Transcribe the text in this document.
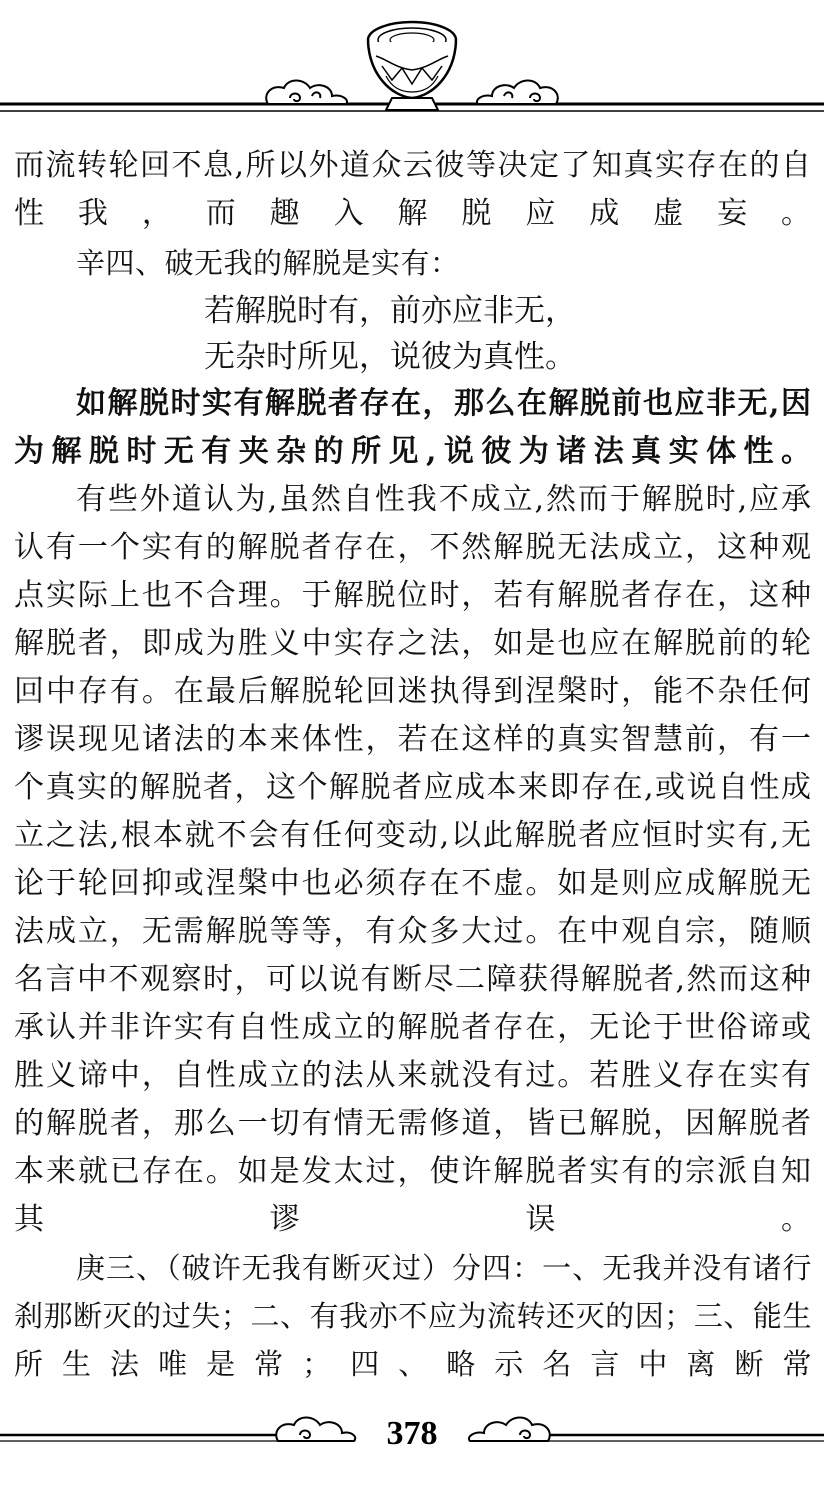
而流转轮回不息,所以外道众云彼等决定了知真实存在的自性我，而趣入解脱应成虚妄。

辛四、破无我的解脱是实有：

若解脱时有，前亦应非无，

无杂时所见，说彼为真性。

如解脱时实有解脱者存在，那么在解脱前也应非无,因为解脱时无有夹杂的所见,说彼为诸法真实体性。

有些外道认为,虽然自性我不成立,然而于解脱时,应承认有一个实有的解脱者存在，不然解脱无法成立，这种观点实际上也不合理。于解脱位时，若有解脱者存在，这种解脱者，即成为胜义中实存之法，如是也应在解脱前的轮回中存有。在最后解脱轮回迷执得到涅槃时，能不杂任何谬误现见诸法的本来体性，若在这样的真实智慧前，有一个真实的解脱者，这个解脱者应成本来即存在,或说自性成立之法,根本就不会有任何变动,以此解脱者应恒时实有,无论于轮回抑或涅槃中也必须存在不虚。如是则应成解脱无法成立，无需解脱等等，有众多大过。在中观自宗，随顺名言中不观察时，可以说有断尽二障获得解脱者,然而这种承认并非许实有自性成立的解脱者存在，无论于世俗谛或胜义谛中，自性成立的法从来就没有过。若胜义存在实有的解脱者，那么一切有情无需修道，皆已解脱，因解脱者本来就已存在。如是发太过，使许解脱者实有的宗派自知其谬误。

庚三、（破许无我有断灭过）分四：一、无我并没有诸行刹那断灭的过失；二、有我亦不应为流转还灭的因；三、能生所生法唯是常；四、略示名言中离断常

378
